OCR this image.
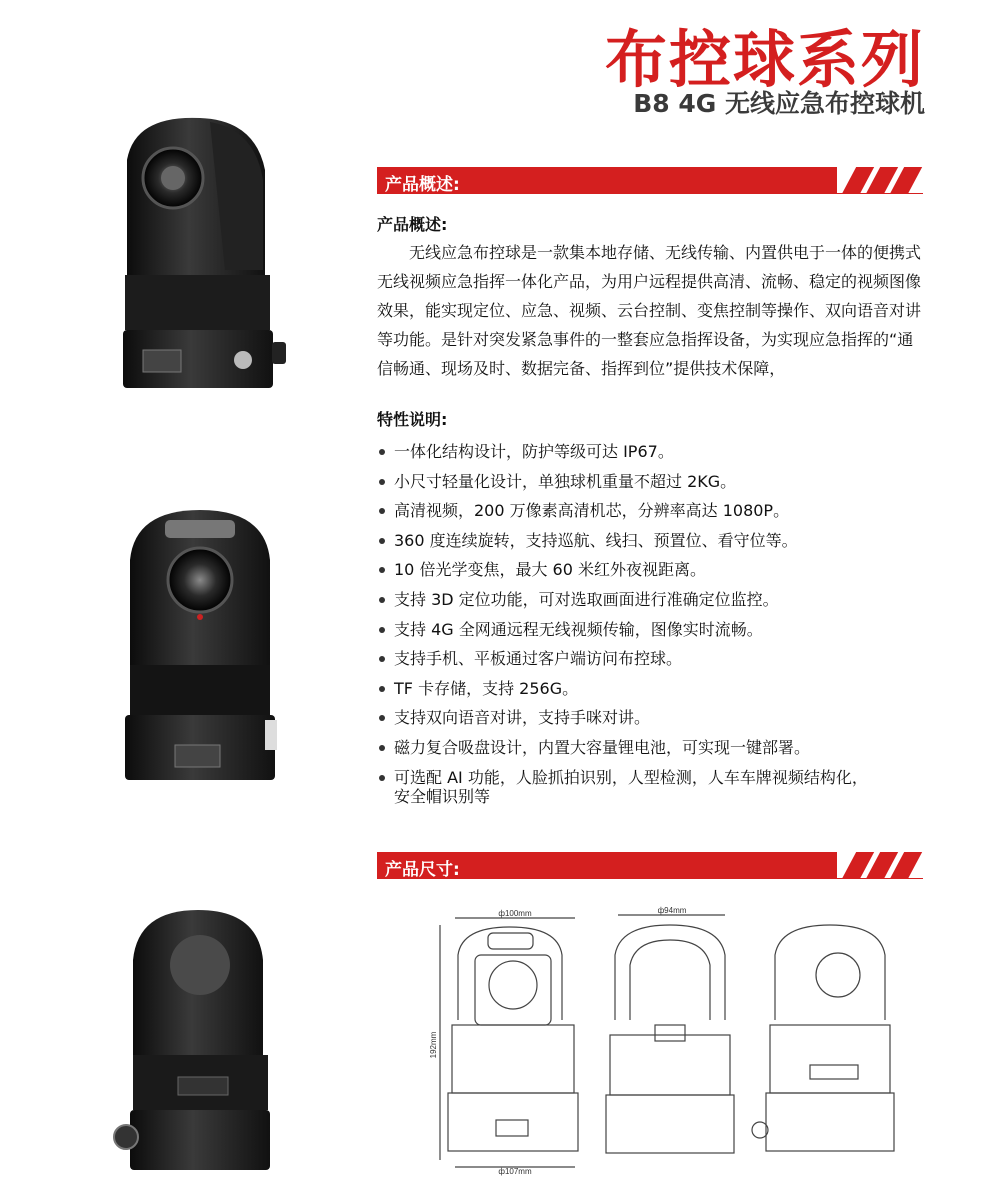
布控球系列
B8 4G 无线应急布控球机
产品概述:
产品概述:
无线应急布控球是一款集本地存储、无线传输、内置供电于一体的便携式
无线视频应急指挥一体化产品，为用户远程提供高清、流畅、稳定的视频图像
效果，能实现定位、应急、视频、云台控制、变焦控制等操作、双向语音对讲
等功能。是针对突发紧急事件的一整套应急指挥设备，为实现应急指挥的“通
信畅通、现场及时、数据完备、指挥到位”提供技术保障，
特性说明:
一体化结构设计，防护等级可达 IP67。
小尺寸轻量化设计，单独球机重量不超过 2KG。
高清视频，200 万像素高清机芯，分辨率高达 1080P。
360 度连续旋转，支持巡航、线扫、预置位、看守位等。
10 倍光学变焦，最大 60 米红外夜视距离。
支持 3D 定位功能，可对选取画面进行准确定位监控。
支持 4G 全网通远程无线视频传输，图像实时流畅。
支持手机、平板通过客户端访问布控球。
TF 卡存储，支持 256G。
支持双向语音对讲，支持手咪对讲。
磁力复合吸盘设计，内置大容量锂电池，可实现一键部署。
可选配 AI 功能，人脸抓拍识别，人型检测，人车车牌视频结构化，
安全帽识别等
产品尺寸:
ф100mm	ф94mm
192mm
ф107mm
